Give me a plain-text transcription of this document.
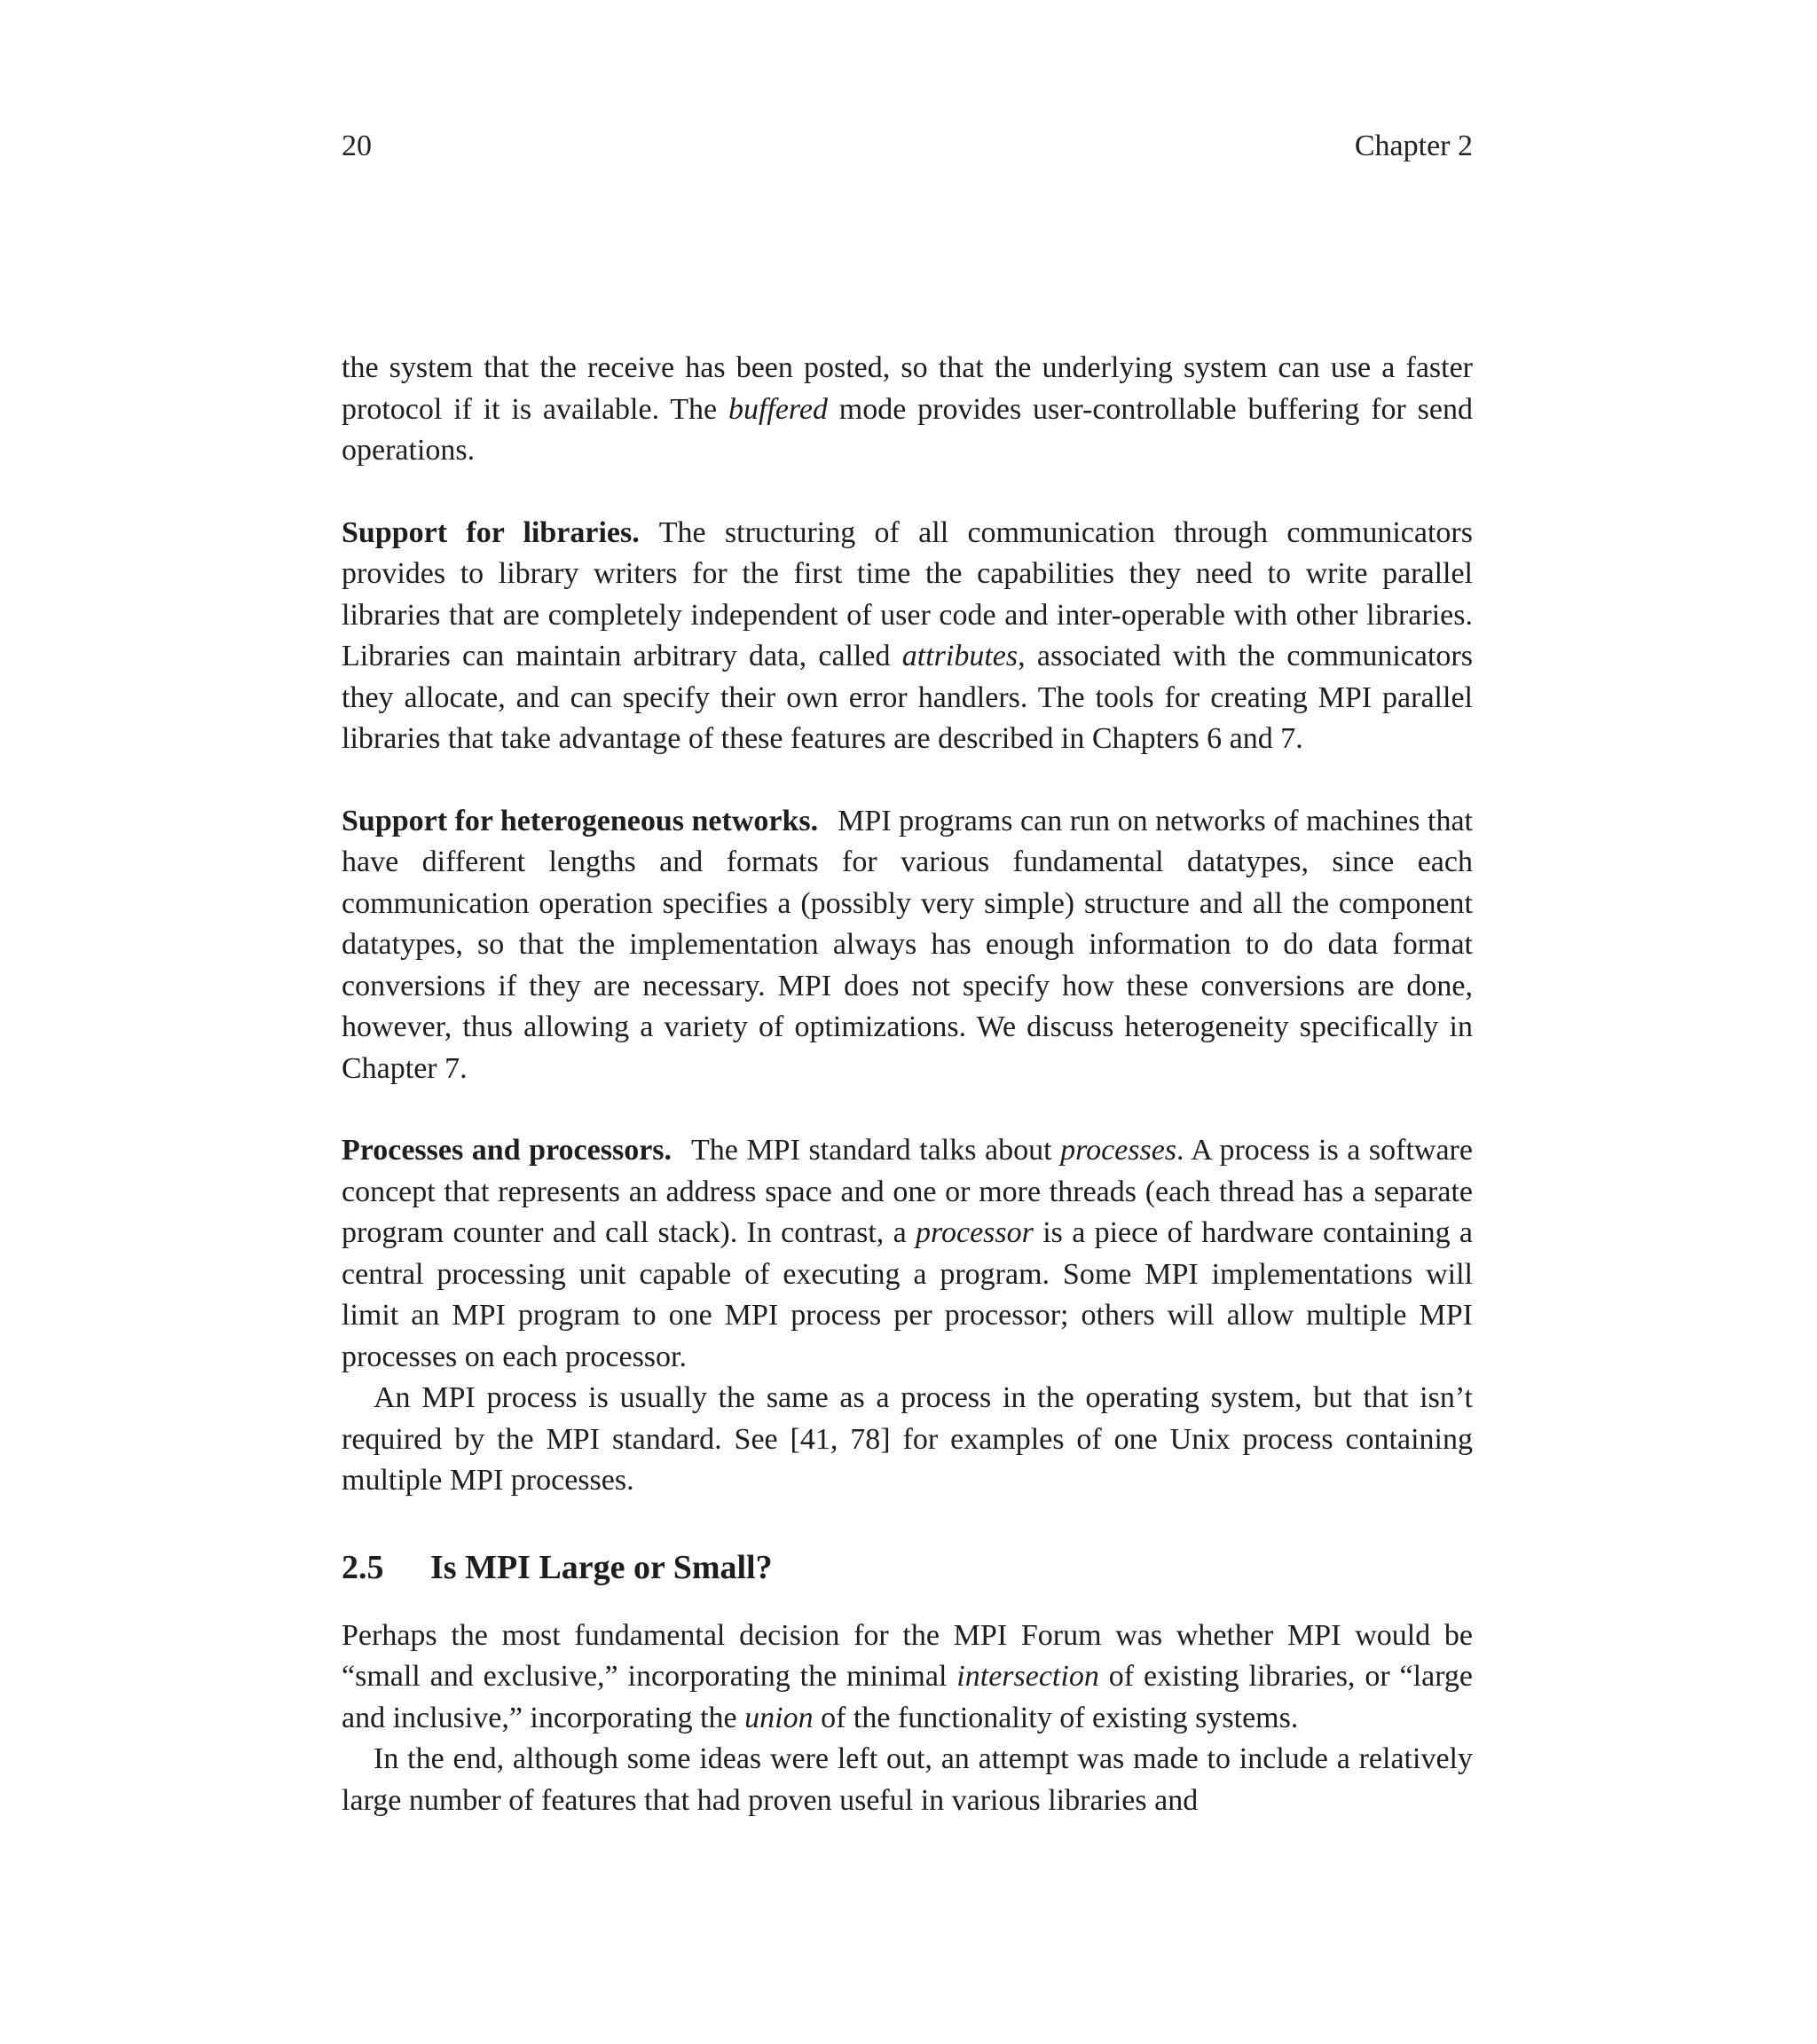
20	Chapter 2

the system that the receive has been posted, so that the underlying system can use a faster protocol if it is available. The buffered mode provides user-controllable buffering for send operations.

Support for libraries. The structuring of all communication through communicators provides to library writers for the first time the capabilities they need to write parallel libraries that are completely independent of user code and inter-operable with other libraries. Libraries can maintain arbitrary data, called attributes, associated with the communicators they allocate, and can specify their own error handlers. The tools for creating MPI parallel libraries that take advantage of these features are described in Chapters 6 and 7.

Support for heterogeneous networks. MPI programs can run on networks of machines that have different lengths and formats for various fundamental datatypes, since each communication operation specifies a (possibly very simple) structure and all the component datatypes, so that the implementation always has enough information to do data format conversions if they are necessary. MPI does not specify how these conversions are done, however, thus allowing a variety of optimizations. We discuss heterogeneity specifically in Chapter 7.

Processes and processors. The MPI standard talks about processes. A process is a software concept that represents an address space and one or more threads (each thread has a separate program counter and call stack). In contrast, a processor is a piece of hardware containing a central processing unit capable of executing a program. Some MPI implementations will limit an MPI program to one MPI process per processor; others will allow multiple MPI processes on each processor.

An MPI process is usually the same as a process in the operating system, but that isn’t required by the MPI standard. See [41, 78] for examples of one Unix process containing multiple MPI processes.

2.5 Is MPI Large or Small?

Perhaps the most fundamental decision for the MPI Forum was whether MPI would be “small and exclusive,” incorporating the minimal intersection of existing libraries, or “large and inclusive,” incorporating the union of the functionality of existing systems.

In the end, although some ideas were left out, an attempt was made to include a relatively large number of features that had proven useful in various libraries and
